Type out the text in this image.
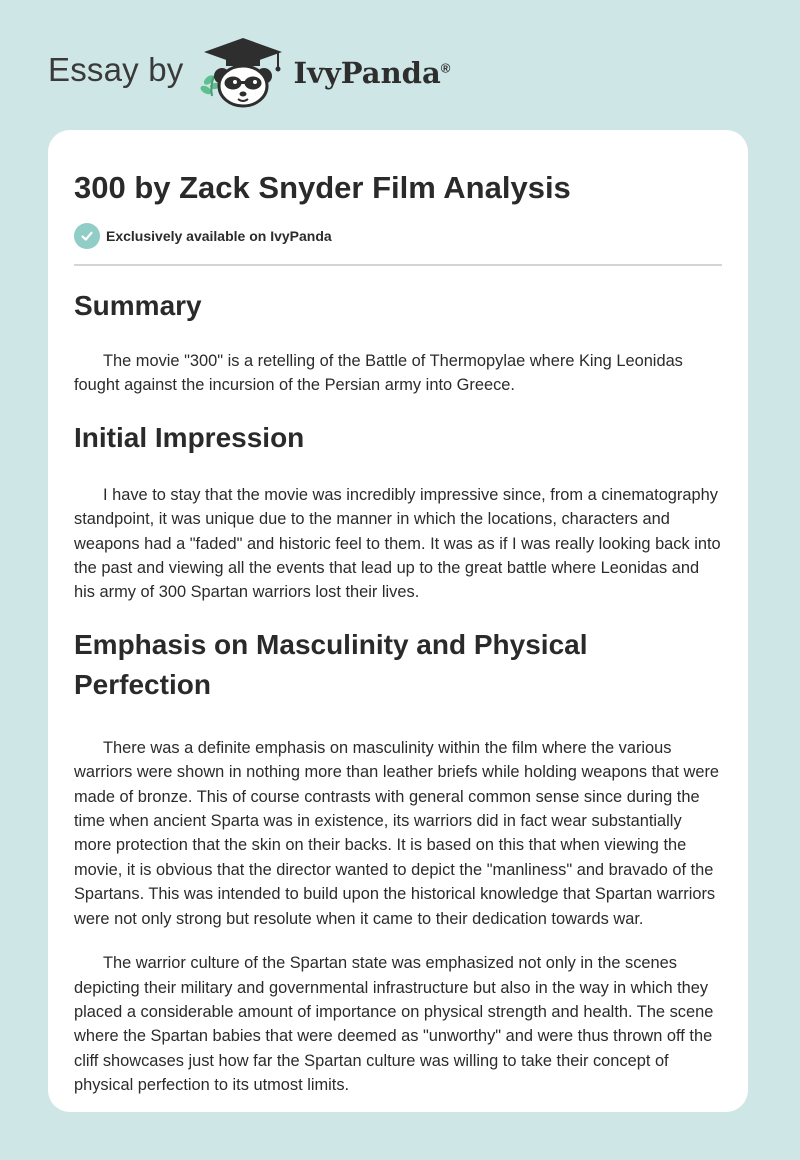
Essay by	IvyPanda®
300 by Zack Snyder Film Analysis
Exclusively available on IvyPanda
Summary

The movie "300" is a retelling of the Battle of Thermopylae where King Leonidas fought against the incursion of the Persian army into Greece.

Initial Impression

I have to stay that the movie was incredibly impressive since, from a cinematography standpoint, it was unique due to the manner in which the locations, characters and weapons had a "faded" and historic feel to them. It was as if I was really looking back into the past and viewing all the events that lead up to the great battle where Leonidas and his army of 300 Spartan warriors lost their lives.

Emphasis on Masculinity and Physical Perfection

There was a definite emphasis on masculinity within the film where the various warriors were shown in nothing more than leather briefs while holding weapons that were made of bronze. This of course contrasts with general common sense since during the time when ancient Sparta was in existence, its warriors did in fact wear substantially more protection that the skin on their backs. It is based on this that when viewing the movie, it is obvious that the director wanted to depict the "manliness" and bravado of the Spartans. This was intended to build upon the historical knowledge that Spartan warriors were not only strong but resolute when it came to their dedication towards war.

The warrior culture of the Spartan state was emphasized not only in the scenes depicting their military and governmental infrastructure but also in the way in which they placed a considerable amount of importance on physical strength and health. The scene where the Spartan babies that were deemed as "unworthy" and were thus thrown off the cliff showcases just how far the Spartan culture was willing to take their concept of physical perfection to its utmost limits.
